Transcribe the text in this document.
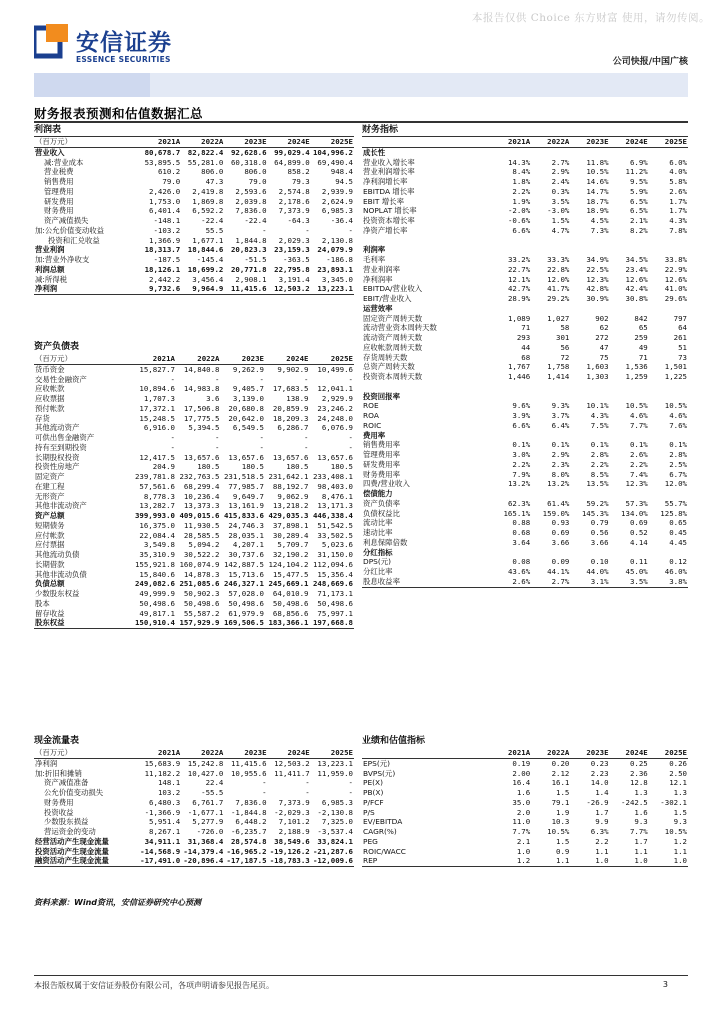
本报告仅供 Choice 东方财富 使用，请勿传阅。
安信证券
ESSENCE SECURITIES	公司快报/中国广核
财务报表预测和估值数据汇总
利润表
（百万元）	2021A	2022A	2023E	2024E	2025E
营业收入	80,678.7	82,822.4	92,628.6	99,029.4	104,996.2
减:营业成本	53,895.5	55,281.0	60,318.0	64,899.0	69,490.4
营业税费	610.2	806.0	806.0	858.2	948.4
销售费用	79.0	47.3	79.0	79.3	94.5
管理费用	2,426.0	2,419.8	2,593.6	2,574.8	2,939.9
研发费用	1,753.0	1,869.8	2,039.8	2,178.6	2,624.9
财务费用	6,401.4	6,592.2	7,836.0	7,373.9	6,985.3
资产减值损失	-148.1	-22.4	-22.4	-64.3	-36.4
加:公允价值变动收益	-103.2	55.5	-	-	-
投资和汇兑收益	1,366.9	1,677.1	1,844.8	2,029.3	2,130.8
营业利润	18,313.7	18,844.6	20,823.3	23,159.3	24,079.9
加:营业外净收支	-187.5	-145.4	-51.5	-363.5	-186.8
利润总额	18,126.1	18,699.2	20,771.8	22,795.8	23,893.1
减:所得税	2,442.2	3,456.4	2,908.1	3,191.4	3,345.0
净利润	9,732.6	9,964.9	11,415.6	12,503.2	13,223.1
财务指标
	2021A	2022A	2023E	2024E	2025E
成长性					
营业收入增长率	14.3%	2.7%	11.8%	6.9%	6.0%
营业利润增长率	8.4%	2.9%	10.5%	11.2%	4.0%
净利润增长率	1.8%	2.4%	14.6%	9.5%	5.8%
EBITDA 增长率	2.2%	0.3%	14.7%	5.9%	2.6%
EBIT 增长率	1.9%	3.5%	18.7%	6.5%	1.7%
NOPLAT 增长率	-2.0%	-3.0%	18.9%	6.5%	1.7%
投资资本增长率	-0.6%	1.5%	4.5%	2.1%	4.3%
净资产增长率	6.6%	4.7%	7.3%	8.2%	7.8%

利润率					
毛利率	33.2%	33.3%	34.9%	34.5%	33.8%
营业利润率	22.7%	22.8%	22.5%	23.4%	22.9%
净利润率	12.1%	12.0%	12.3%	12.6%	12.6%
EBITDA/营业收入	42.7%	41.7%	42.8%	42.4%	41.0%
EBIT/营业收入	28.9%	29.2%	30.9%	30.8%	29.6%
运营效率					
固定资产周转天数	1,089	1,027	902	842	797
流动营业资本周转天数	71	58	62	65	64
流动资产周转天数	293	301	272	259	261
应收帐款周转天数	44	56	47	49	51
存货周转天数	68	72	75	71	73
总资产周转天数	1,767	1,758	1,603	1,536	1,501
投资资本周转天数	1,446	1,414	1,303	1,259	1,225

投资回报率					
ROE	9.6%	9.3%	10.1%	10.5%	10.5%
ROA	3.9%	3.7%	4.3%	4.6%	4.6%
ROIC	6.6%	6.4%	7.5%	7.7%	7.6%
费用率					
销售费用率	0.1%	0.1%	0.1%	0.1%	0.1%
管理费用率	3.0%	2.9%	2.8%	2.6%	2.8%
研发费用率	2.2%	2.3%	2.2%	2.2%	2.5%
财务费用率	7.9%	8.0%	8.5%	7.4%	6.7%
四费/营业收入	13.2%	13.2%	13.5%	12.3%	12.0%
偿债能力					
资产负债率	62.3%	61.4%	59.2%	57.3%	55.7%
负债权益比	165.1%	159.0%	145.3%	134.0%	125.8%
流动比率	0.88	0.93	0.79	0.69	0.65
速动比率	0.68	0.69	0.56	0.52	0.45
利息保障倍数	3.64	3.66	3.66	4.14	4.45
分红指标					
DPS(元)	0.08	0.09	0.10	0.11	0.12
分红比率	43.6%	44.1%	44.0%	45.0%	46.0%
股息收益率	2.6%	2.7%	3.1%	3.5%	3.8%
资产负债表
（百万元）	2021A	2022A	2023E	2024E	2025E
货币资金	15,827.7	14,840.8	9,262.9	9,902.9	10,499.6
交易性金融资产	-	-	-	-	-
应收帐款	10,894.6	14,983.8	9,405.7	17,683.5	12,041.1
应收票据	1,707.3	3.6	3,139.0	138.9	2,929.9
预付帐款	17,372.1	17,506.8	20,680.8	20,859.9	23,246.2
存货	15,248.5	17,775.5	20,642.0	18,209.3	24,248.0
其他流动资产	6,916.0	5,394.5	6,549.5	6,286.7	6,076.9
可供出售金融资产	-	-	-	-	-
持有至到期投资	-	-	-	-	-
长期股权投资	12,417.5	13,657.6	13,657.6	13,657.6	13,657.6
投资性房地产	204.9	180.5	180.5	180.5	180.5
固定资产	239,781.8	232,763.5	231,518.5	231,642.1	233,408.1
在建工程	57,561.6	68,299.4	77,985.7	88,192.7	98,403.0
无形资产	8,778.3	10,236.4	9,649.7	9,062.9	8,476.1
其他非流动资产	13,282.7	13,373.3	13,161.9	13,218.2	13,171.3
资产总额	399,993.0	409,015.6	415,833.6	429,035.3	446,338.4
短期债务	16,375.0	11,930.5	24,746.3	37,898.1	51,542.5
应付帐款	22,084.4	28,585.5	28,035.1	30,289.4	33,502.5
应付票据	3,549.8	5,094.2	4,207.1	5,709.7	5,023.6
其他流动负债	35,310.9	30,522.2	30,737.6	32,190.2	31,150.0
长期借款	155,921.8	160,074.9	142,887.5	124,104.2	112,094.6
其他非流动负债	15,840.6	14,878.3	15,713.6	15,477.5	15,356.4
负债总额	249,082.6	251,085.6	246,327.1	245,669.1	248,669.6
少数股东权益	49,999.9	50,902.3	57,028.0	64,010.9	71,173.1
股本	50,498.6	50,498.6	50,498.6	50,498.6	50,498.6
留存收益	49,817.1	55,587.2	61,979.9	68,856.6	75,997.1
股东权益	150,910.4	157,929.9	169,506.5	183,366.1	197,668.8
现金流量表
（百万元）	2021A	2022A	2023E	2024E	2025E
净利润	15,683.9	15,242.8	11,415.6	12,503.2	13,223.1
加:折旧和摊销	11,182.2	10,427.0	10,955.6	11,411.7	11,959.0
资产减值准备	148.1	22.4	-	-	-
公允价值变动损失	103.2	-55.5	-	-	-
财务费用	6,480.3	6,761.7	7,836.0	7,373.9	6,985.3
投资收益	-1,366.9	-1,677.1	-1,844.8	-2,029.3	-2,130.8
少数股东损益	5,951.4	5,277.9	6,448.2	7,101.2	7,325.0
营运资金的变动	8,267.1	-726.0	-6,235.7	2,188.9	-3,537.4
经营活动产生现金流量	34,911.1	31,368.4	28,574.8	38,549.6	33,824.1
投资活动产生现金流量	-14,568.9	-14,379.4	-16,965.2	-19,126.2	-21,287.6
融资活动产生现金流量	-17,491.0	-20,896.4	-17,187.5	-18,783.3	-12,009.6
业绩和估值指标
	2021A	2022A	2023E	2024E	2025E
EPS(元)	0.19	0.20	0.23	0.25	0.26
BVPS(元)	2.00	2.12	2.23	2.36	2.50
PE(X)	16.4	16.1	14.0	12.8	12.1
PB(X)	1.6	1.5	1.4	1.3	1.3
P/FCF	35.0	79.1	-26.9	-242.5	-302.1
P/S	2.0	1.9	1.7	1.6	1.5
EV/EBITDA	11.0	10.3	9.9	9.3	9.3
CAGR(%)	7.7%	10.5%	6.3%	7.7%	10.5%
PEG	2.1	1.5	2.2	1.7	1.2
ROIC/WACC	1.0	0.9	1.1	1.1	1.1
REP	1.2	1.1	1.0	1.0	1.0
资料来源：Wind资讯，安信证券研究中心预测
本报告版权属于安信证券股份有限公司，各项声明请参见报告尾页。	3
